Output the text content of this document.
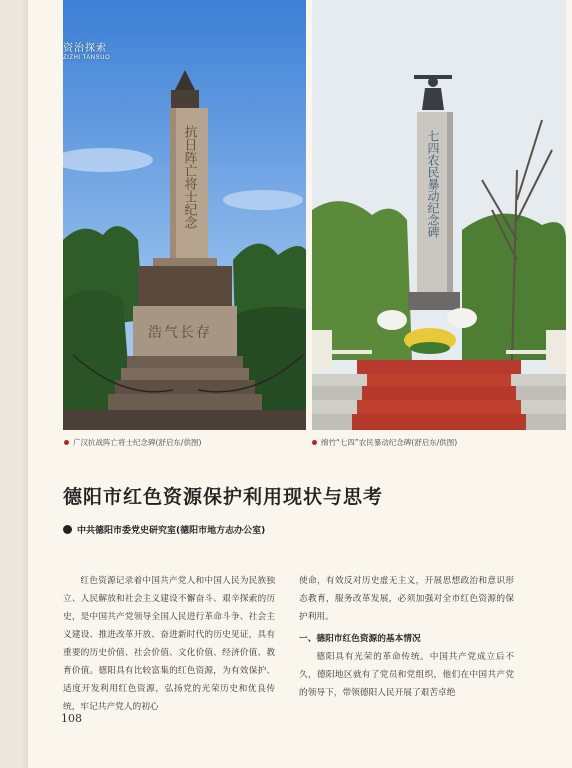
资治探索
ZIZHI TANSUO
抗日阵亡将士纪念
浩气长存
七四农民暴动纪念碑
广汉抗战阵亡将士纪念碑(舒启东/供图)	绵竹“七四”农民暴动纪念碑(舒启东/供图)
德阳市红色资源保护利用现状与思考
中共德阳市委党史研究室(德阳市地方志办公室)

红色资源记录着中国共产党人和中国人民为民族独立、人民解放和社会主义建设不懈奋斗、艰辛探索的历史，是中国共产党领导全国人民进行革命斗争、社会主义建设、推进改革开放、奋进新时代的历史见证，具有重要的历史价值、社会价值、文化价值、经济价值、教育价值。德阳具有比较富集的红色资源，为有效保护、适度开发利用红色资源，弘扬党的光荣历史和优良传统，牢记共产党人的初心

使命，有效反对历史虚无主义，开展思想政治和意识形态教育，服务改革发展，必须加强对全市红色资源的保护利用。

一、德阳市红色资源的基本情况

德阳具有光荣的革命传统。中国共产党成立后不久，德阳地区就有了党员和党组织，他们在中国共产党的领导下，带领德阳人民开展了艰苦卓绝

108
